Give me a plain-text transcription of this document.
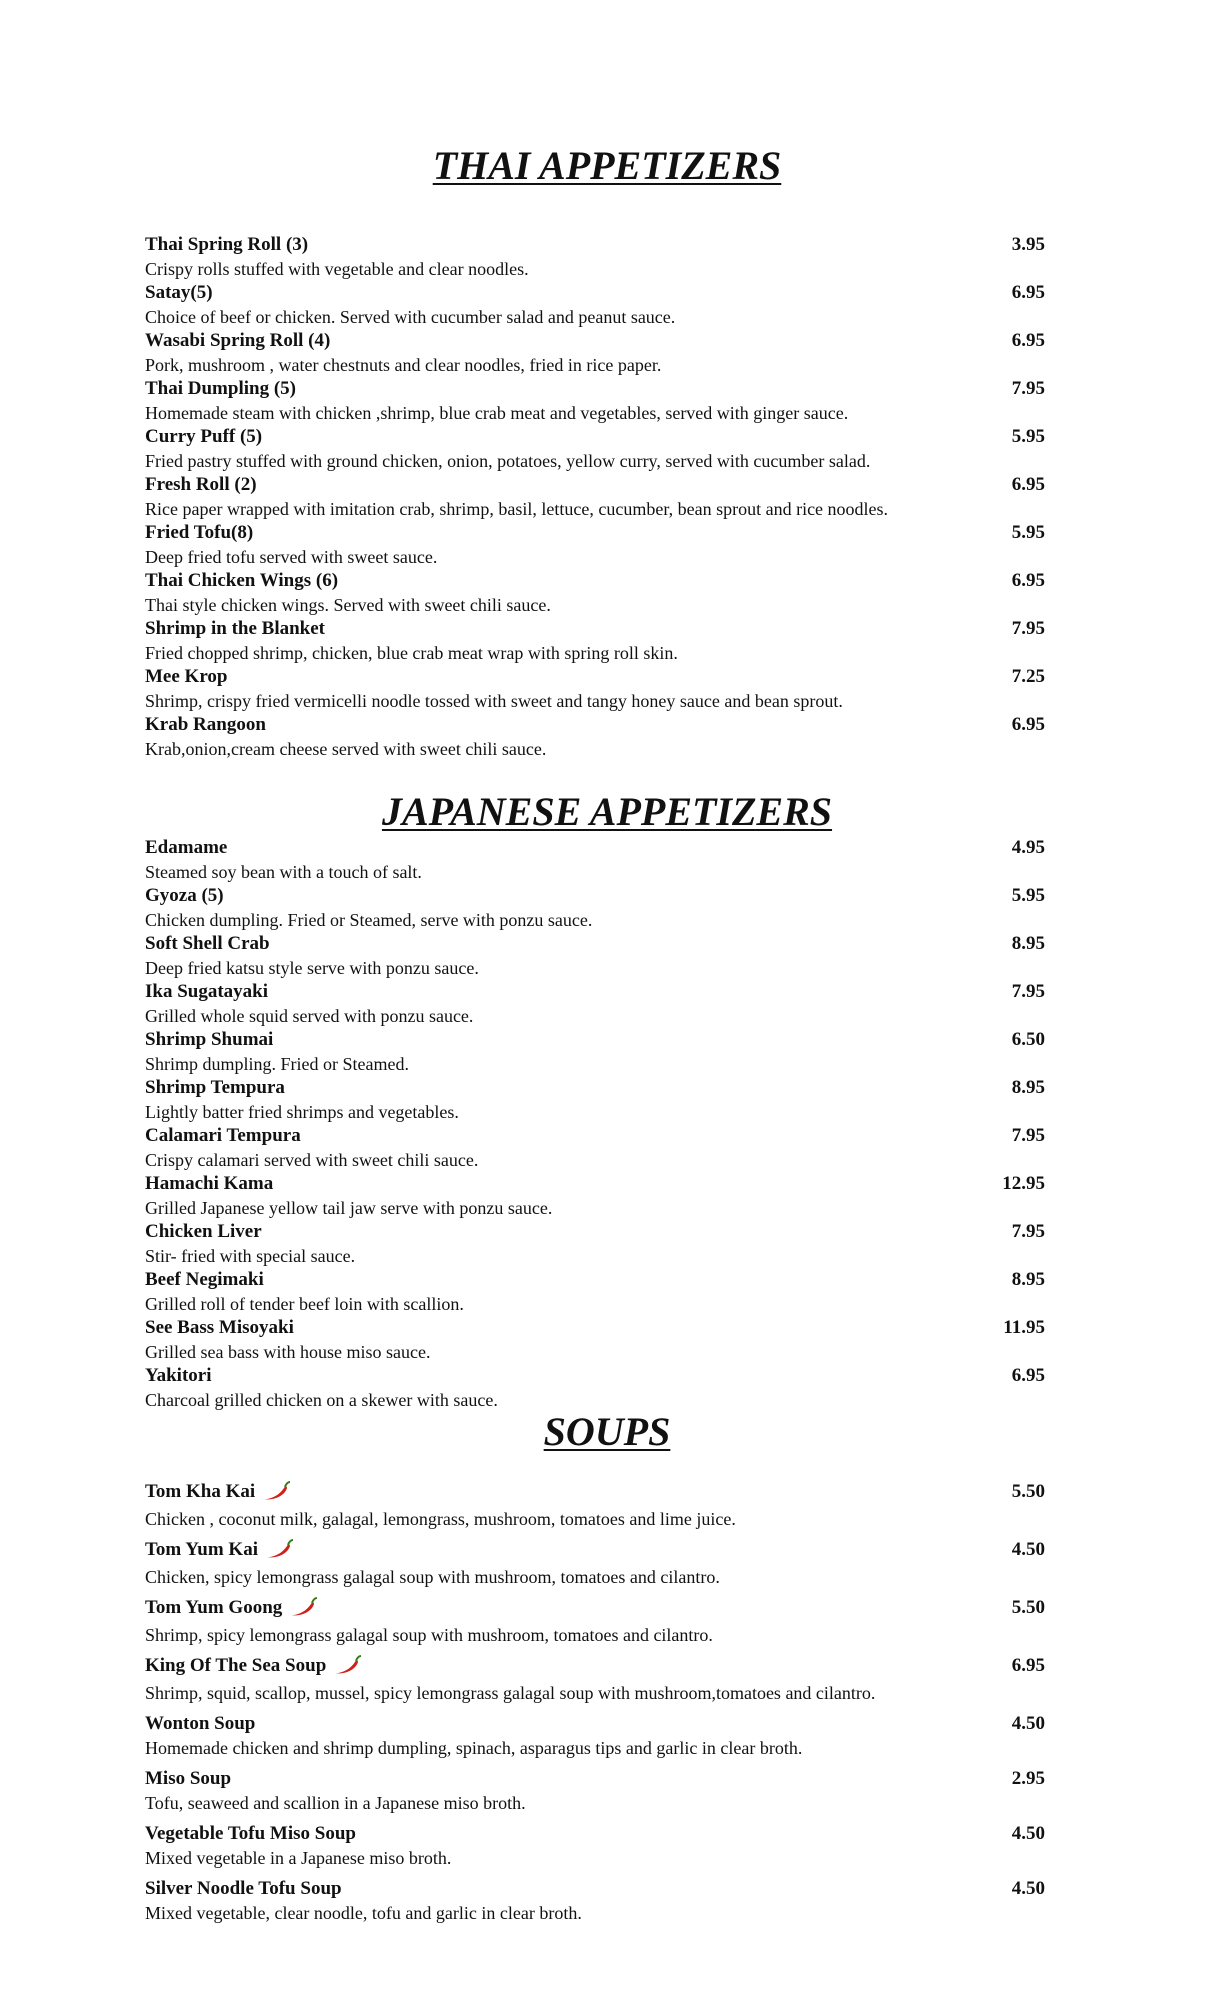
THAI APPETIZERS
Thai Spring Roll (3)	3.95
Crispy rolls stuffed with vegetable and clear noodles.
Satay(5)	6.95
Choice of beef or chicken. Served with cucumber salad and peanut sauce.
Wasabi Spring Roll (4)	6.95
Pork, mushroom , water chestnuts and clear noodles, fried in rice paper.
Thai Dumpling (5)	7.95
Homemade steam with chicken ,shrimp, blue crab meat and vegetables, served with ginger sauce.
Curry Puff (5)	5.95
Fried pastry stuffed with ground chicken, onion, potatoes, yellow curry, served with cucumber salad.
Fresh Roll (2)	6.95
Rice paper wrapped with imitation crab, shrimp, basil, lettuce, cucumber, bean sprout and rice noodles.
Fried Tofu(8)	5.95
Deep fried tofu served with sweet sauce.
Thai Chicken Wings (6)	6.95
Thai style chicken wings. Served with sweet chili sauce.
Shrimp in the Blanket	7.95
Fried chopped shrimp, chicken, blue crab meat wrap with spring roll skin.
Mee Krop	7.25
Shrimp, crispy fried vermicelli noodle tossed with sweet and tangy honey sauce and bean sprout.
Krab Rangoon	6.95
Krab,onion,cream cheese served with sweet chili sauce.
JAPANESE APPETIZERS
Edamame	4.95
Steamed soy bean with a touch of salt.
Gyoza (5)	5.95
Chicken dumpling. Fried or Steamed, serve with ponzu sauce.
Soft Shell Crab	8.95
Deep fried katsu style serve with ponzu sauce.
Ika Sugatayaki	7.95
Grilled whole squid served with ponzu sauce.
Shrimp Shumai	6.50
Shrimp dumpling. Fried or Steamed.
Shrimp Tempura	8.95
Lightly batter fried shrimps and vegetables.
Calamari Tempura	7.95
Crispy calamari served with sweet chili sauce.
Hamachi Kama	12.95
Grilled Japanese yellow tail jaw serve with ponzu sauce.
Chicken Liver	7.95
Stir- fried with special sauce.
Beef Negimaki	8.95
Grilled roll of tender beef loin with scallion.
See Bass Misoyaki	11.95
Grilled sea bass with house miso sauce.
Yakitori	6.95
Charcoal grilled chicken on a skewer with sauce.
SOUPS
Tom Kha Kai	5.50
Chicken , coconut milk, galagal, lemongrass, mushroom, tomatoes and lime juice.
Tom Yum Kai	4.50
Chicken, spicy lemongrass galagal soup with mushroom, tomatoes and cilantro.
Tom Yum Goong	5.50
Shrimp, spicy lemongrass galagal soup with mushroom, tomatoes and cilantro.
King Of The Sea Soup	6.95
Shrimp, squid, scallop, mussel, spicy lemongrass galagal soup with mushroom,tomatoes and cilantro.
Wonton Soup	4.50
Homemade chicken and shrimp dumpling, spinach, asparagus tips and garlic in clear broth.
Miso Soup	2.95
Tofu, seaweed and scallion in a Japanese miso broth.
Vegetable Tofu Miso Soup	4.50
Mixed vegetable in a Japanese miso broth.
Silver Noodle Tofu Soup	4.50
Mixed vegetable, clear noodle, tofu and garlic in clear broth.
